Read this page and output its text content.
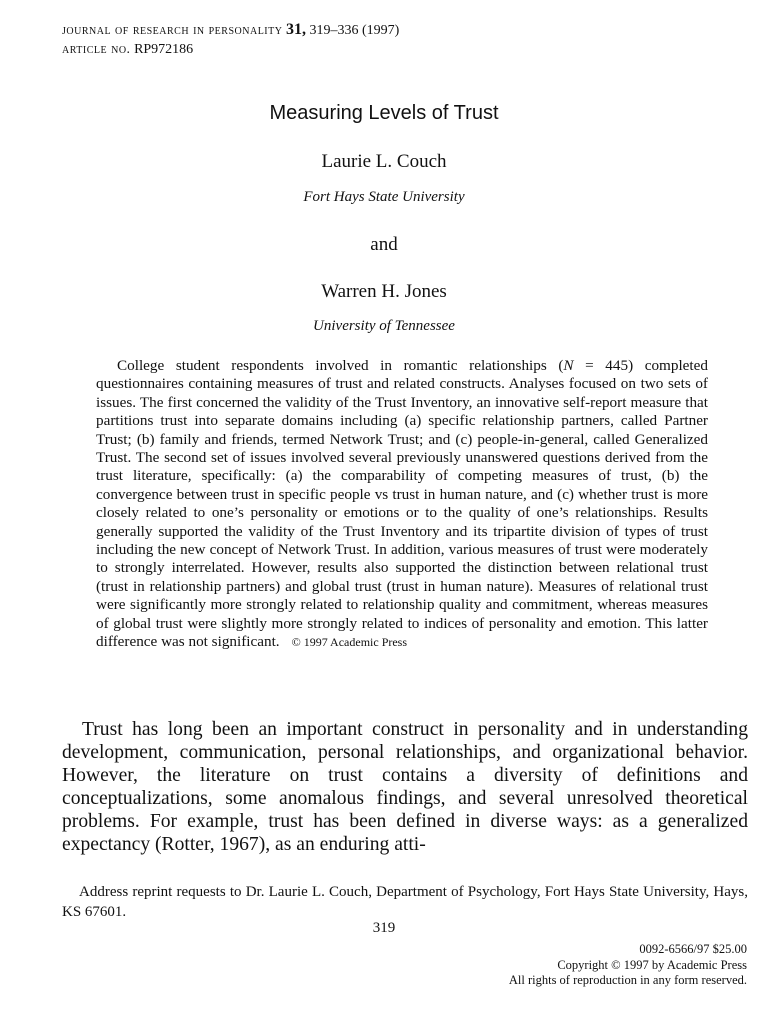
journal of research in personality 31, 319–336 (1997)
article no. RP972186
Measuring Levels of Trust
Laurie L. Couch
Fort Hays State University
and
Warren H. Jones
University of Tennessee
College student respondents involved in romantic relationships (N = 445) completed questionnaires containing measures of trust and related constructs. Analyses focused on two sets of issues. The first concerned the validity of the Trust Inventory, an innovative self-report measure that partitions trust into separate domains including (a) specific relationship partners, called Partner Trust; (b) family and friends, termed Network Trust; and (c) people-in-general, called Generalized Trust. The second set of issues involved several previously unanswered questions derived from the trust literature, specifically: (a) the comparability of competing measures of trust, (b) the convergence between trust in specific people vs trust in human nature, and (c) whether trust is more closely related to one’s personality or emotions or to the quality of one’s relationships. Results generally supported the validity of the Trust Inventory and its tripartite division of types of trust including the new concept of Network Trust. In addition, various measures of trust were moderately to strongly interrelated. However, results also supported the distinction between relational trust (trust in relationship partners) and global trust (trust in human nature). Measures of relational trust were significantly more strongly related to relationship quality and commitment, whereas measures of global trust were slightly more strongly related to indices of personality and emotion. This latter difference was not significant. © 1997 Academic Press
Trust has long been an important construct in personality and in understanding development, communication, personal relationships, and organizational behavior. However, the literature on trust contains a diversity of definitions and conceptualizations, some anomalous findings, and several unresolved theoretical problems. For example, trust has been defined in diverse ways: as a generalized expectancy (Rotter, 1967), as an enduring atti-
Address reprint requests to Dr. Laurie L. Couch, Department of Psychology, Fort Hays State University, Hays, KS 67601.
319
0092-6566/97 $25.00
Copyright © 1997 by Academic Press
All rights of reproduction in any form reserved.
